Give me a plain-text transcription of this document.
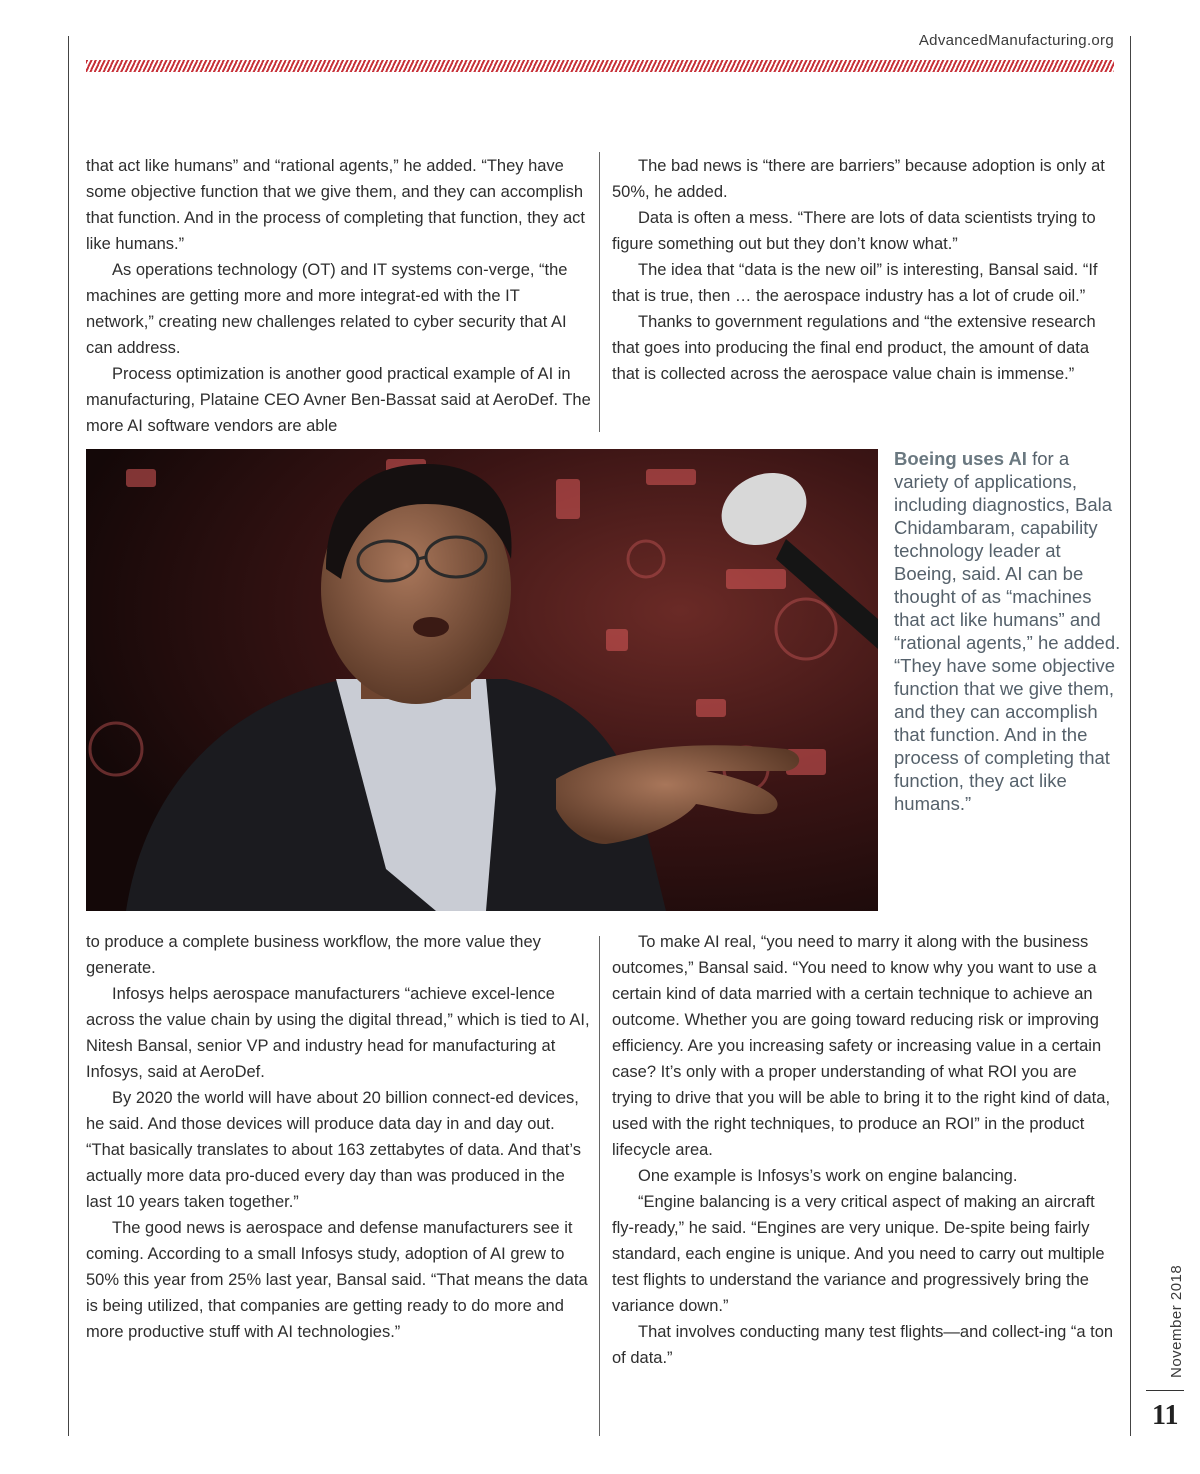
AdvancedManufacturing.org

that act like humans” and “rational agents,” he added. “They have some objective function that we give them, and they can accomplish that function. And in the process of completing that function, they act like humans.”

As operations technology (OT) and IT systems con-verge, “the machines are getting more and more integrat-ed with the IT network,” creating new challenges related to cyber security that AI can address.

Process optimization is another good practical example of AI in manufacturing, Plataine CEO Avner Ben-Bassat said at AeroDef. The more AI software vendors are able

The bad news is “there are barriers” because adoption is only at 50%, he added.

Data is often a mess. “There are lots of data scientists trying to figure something out but they don’t know what.”

The idea that “data is the new oil” is interesting, Bansal said. “If that is true, then … the aerospace industry has a lot of crude oil.”

Thanks to government regulations and “the extensive research that goes into producing the final end product, the amount of data that is collected across the aerospace value chain is immense.”

Boeing uses AI for a variety of applications, including diagnostics, Bala Chidambaram, capability technology leader at Boeing, said. AI can be thought of as “machines that act like humans” and “rational agents,” he added. “They have some objective function that we give them, and they can accomplish that function. And in the process of completing that function, they act like humans.”

to produce a complete business workflow, the more value they generate.

Infosys helps aerospace manufacturers “achieve excel-lence across the value chain by using the digital thread,” which is tied to AI, Nitesh Bansal, senior VP and industry head for manufacturing at Infosys, said at AeroDef.

By 2020 the world will have about 20 billion connect-ed devices, he said. And those devices will produce data day in and day out. “That basically translates to about 163 zettabytes of data. And that’s actually more data pro-duced every day than was produced in the last 10 years taken together.”

The good news is aerospace and defense manufacturers see it coming. According to a small Infosys study, adoption of AI grew to 50% this year from 25% last year, Bansal said. “That means the data is being utilized, that companies are getting ready to do more and more productive stuff with AI technologies.”

To make AI real, “you need to marry it along with the business outcomes,” Bansal said. “You need to know why you want to use a certain kind of data married with a certain technique to achieve an outcome. Whether you are going toward reducing risk or improving efficiency. Are you increasing safety or increasing value in a certain case? It’s only with a proper understanding of what ROI you are trying to drive that you will be able to bring it to the right kind of data, used with the right techniques, to produce an ROI” in the product lifecycle area.

One example is Infosys’s work on engine balancing.

“Engine balancing is a very critical aspect of making an aircraft fly-ready,” he said. “Engines are very unique. De-spite being fairly standard, each engine is unique. And you need to carry out multiple test flights to understand the variance and progressively bring the variance down.”

That involves conducting many test flights—and collect-ing “a ton of data.”	November 2018
11
